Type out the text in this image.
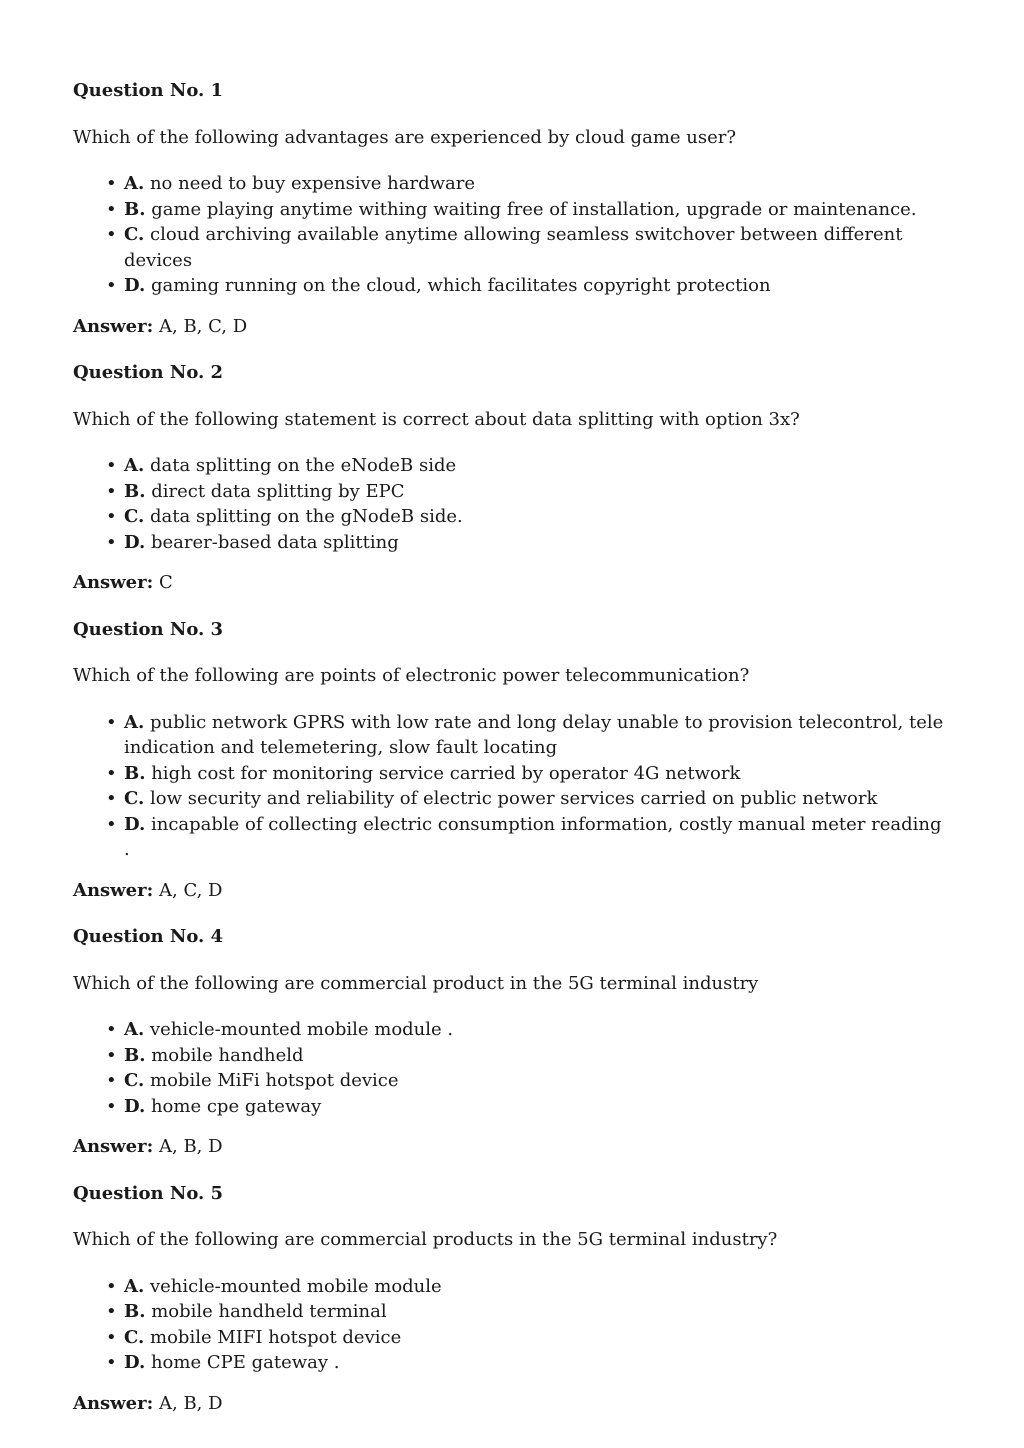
Question No. 1

Which of the following advantages are experienced by cloud game user?

• A. no need to buy expensive hardware
• B. game playing anytime withing waiting free of installation, upgrade or maintenance.
• C. cloud archiving available anytime allowing seamless switchover between different devices
• D. gaming running on the cloud, which facilitates copyright protection

Answer: A, B, C, D

Question No. 2

Which of the following statement is correct about data splitting with option 3x?

• A. data splitting on the eNodeB side
• B. direct data splitting by EPC
• C. data splitting on the gNodeB side.
• D. bearer-based data splitting

Answer: C

Question No. 3

Which of the following are points of electronic power telecommunication?

• A. public network GPRS with low rate and long delay unable to provision telecontrol, tele indication and telemetering, slow fault locating
• B. high cost for monitoring service carried by operator 4G network
• C. low security and reliability of electric power services carried on public network
• D. incapable of collecting electric consumption information, costly manual meter reading .

Answer: A, C, D

Question No. 4

Which of the following are commercial product in the 5G terminal industry

• A. vehicle-mounted mobile module .
• B. mobile handheld
• C. mobile MiFi hotspot device
• D. home cpe gateway

Answer: A, B, D

Question No. 5

Which of the following are commercial products in the 5G terminal industry?

• A. vehicle-mounted mobile module
• B. mobile handheld terminal
• C. mobile MIFI hotspot device
• D. home CPE gateway .

Answer: A, B, D
